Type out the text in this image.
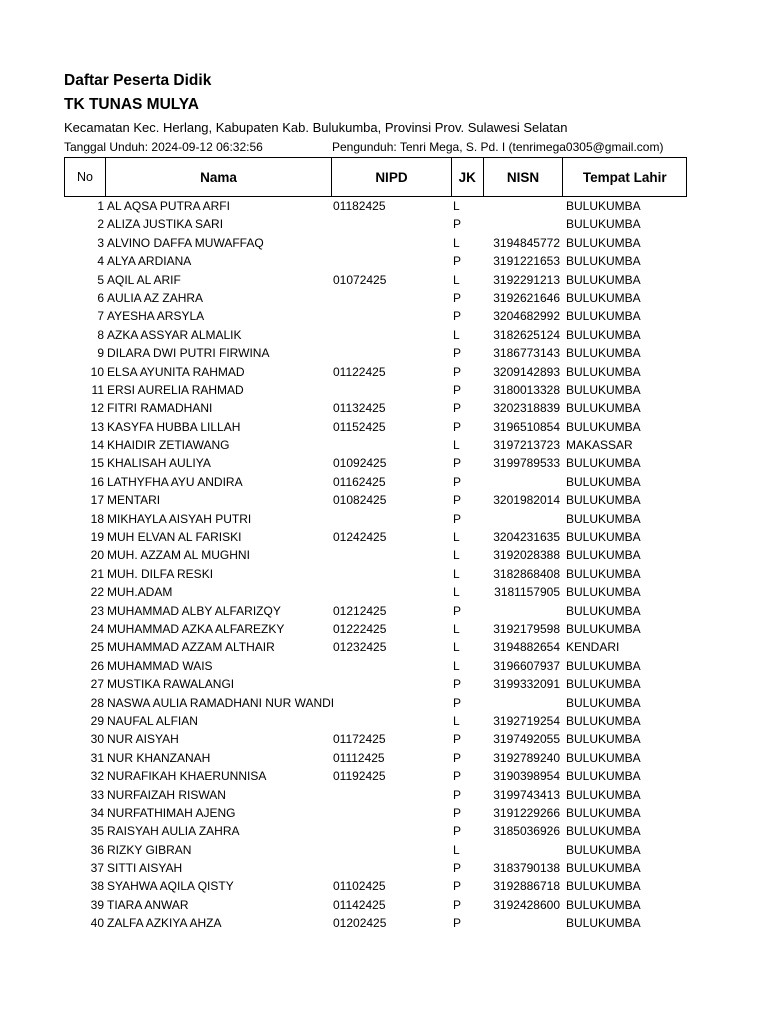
Daftar Peserta Didik
TK TUNAS MULYA
Kecamatan Kec. Herlang, Kabupaten Kab. Bulukumba, Provinsi Prov. Sulawesi Selatan
Tanggal Unduh: 2024-09-12 06:32:56	Pengunduh: Tenri Mega, S. Pd. I (tenrimega0305@gmail.com)
No	Nama	NIPD	JK	NISN	Tempat Lahir
1 AL AQSA PUTRA ARFI	01182425	L	BULUKUMBA
2 ALIZA JUSTIKA SARI	P	BULUKUMBA
3 ALVINO DAFFA MUWAFFAQ	L	3194845772 BULUKUMBA
4 ALYA ARDIANA	P	3191221653 BULUKUMBA
5 AQIL AL ARIF	01072425	L	3192291213 BULUKUMBA
6 AULIA AZ ZAHRA	P	3192621646 BULUKUMBA
7 AYESHA ARSYLA	P	3204682992 BULUKUMBA
8 AZKA ASSYAR ALMALIK	L	3182625124 BULUKUMBA
9 DILARA DWI PUTRI FIRWINA	P	3186773143 BULUKUMBA
10 ELSA AYUNITA RAHMAD	01122425	P	3209142893 BULUKUMBA
11 ERSI AURELIA RAHMAD	P	3180013328 BULUKUMBA
12 FITRI RAMADHANI	01132425	P	3202318839 BULUKUMBA
13 KASYFA HUBBA LILLAH	01152425	P	3196510854 BULUKUMBA
14 KHAIDIR ZETIAWANG	L	3197213723 MAKASSAR
15 KHALISAH AULIYA	01092425	P	3199789533 BULUKUMBA
16 LATHYFHA AYU ANDIRA	01162425	P	BULUKUMBA
17 MENTARI	01082425	P	3201982014 BULUKUMBA
18 MIKHAYLA AISYAH PUTRI	P	BULUKUMBA
19 MUH ELVAN AL FARISKI	01242425	L	3204231635 BULUKUMBA
20 MUH. AZZAM AL MUGHNI	L	3192028388 BULUKUMBA
21 MUH. DILFA RESKI	L	3182868408 BULUKUMBA
22 MUH.ADAM	L	3181157905 BULUKUMBA
23 MUHAMMAD ALBY ALFARIZQY	01212425	P	BULUKUMBA
24 MUHAMMAD AZKA ALFAREZKY	01222425	L	3192179598 BULUKUMBA
25 MUHAMMAD AZZAM ALTHAIR	01232425	L	3194882654 KENDARI
26 MUHAMMAD WAIS	L	3196607937 BULUKUMBA
27 MUSTIKA RAWALANGI	P	3199332091 BULUKUMBA
28 NASWA AULIA RAMADHANI NUR WANDI	P	BULUKUMBA
29 NAUFAL ALFIAN	L	3192719254 BULUKUMBA
30 NUR AISYAH	01172425	P	3197492055 BULUKUMBA
31 NUR KHANZANAH	01112425	P	3192789240 BULUKUMBA
32 NURAFIKAH KHAERUNNISA	01192425	P	3190398954 BULUKUMBA
33 NURFAIZAH RISWAN	P	3199743413 BULUKUMBA
34 NURFATHIMAH AJENG	P	3191229266 BULUKUMBA
35 RAISYAH AULIA ZAHRA	P	3185036926 BULUKUMBA
36 RIZKY GIBRAN	L	BULUKUMBA
37 SITTI AISYAH	P	3183790138 BULUKUMBA
38 SYAHWA AQILA QISTY	01102425	P	3192886718 BULUKUMBA
39 TIARA ANWAR	01142425	P	3192428600 BULUKUMBA
40 ZALFA AZKIYA AHZA	01202425	P	BULUKUMBA
